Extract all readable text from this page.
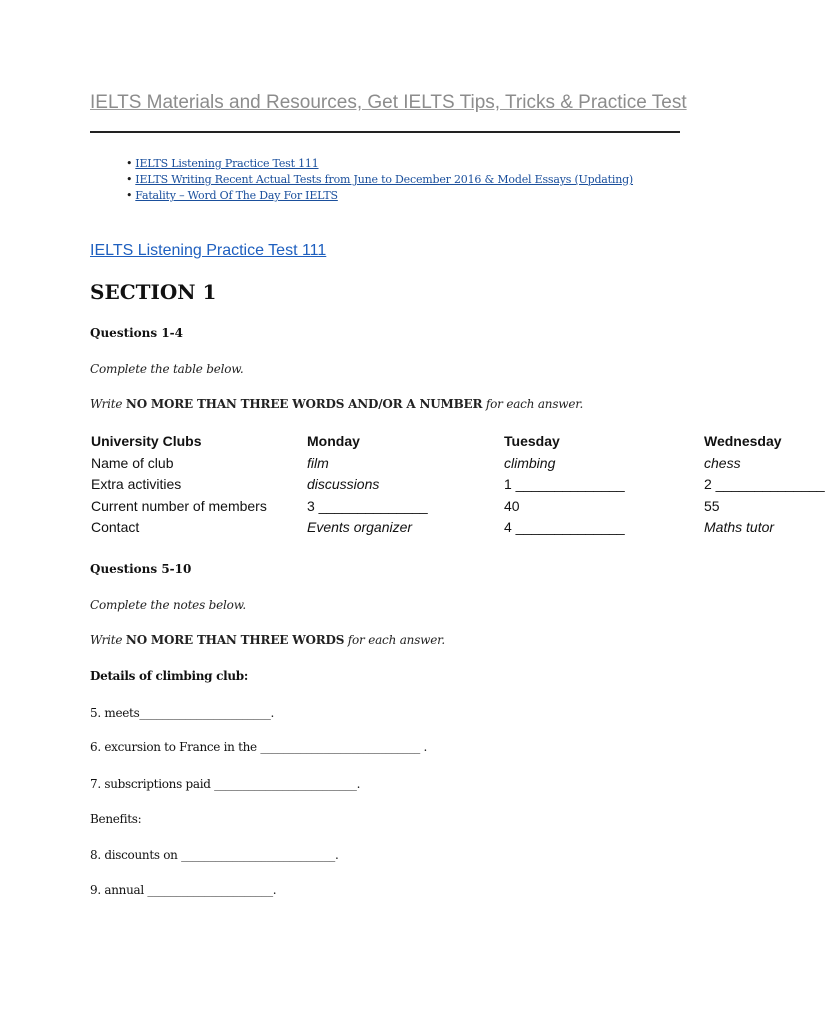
IELTS Materials and Resources, Get IELTS Tips, Tricks & Practice Test
• IELTS Listening Practice Test 111
• IELTS Writing Recent Actual Tests from June to December 2016 & Model Essays (Updating)
• Fatality – Word Of The Day For IELTS
IELTS Listening Practice Test 111
SECTION 1
Questions 1-4
Complete the table below.
Write NO MORE THAN THREE WORDS AND/OR A NUMBER for each answer.
University Clubs	Monday	Tuesday	Wednesday
Name of club	film	climbing	chess
Extra activities	discussions	1 ______________	2 ______________
Current number of members	3 ______________	40	55
Contact	Events organizer	4 ______________	Maths tutor
Questions 5-10
Complete the notes below.
Write NO MORE THAN THREE WORDS for each answer.
Details of climbing club:
5. meets_______________________.
6. excursion to France in the ____________________________ .
7. subscriptions paid _________________________.
Benefits:
8. discounts on ___________________________.
9. annual ______________________.
